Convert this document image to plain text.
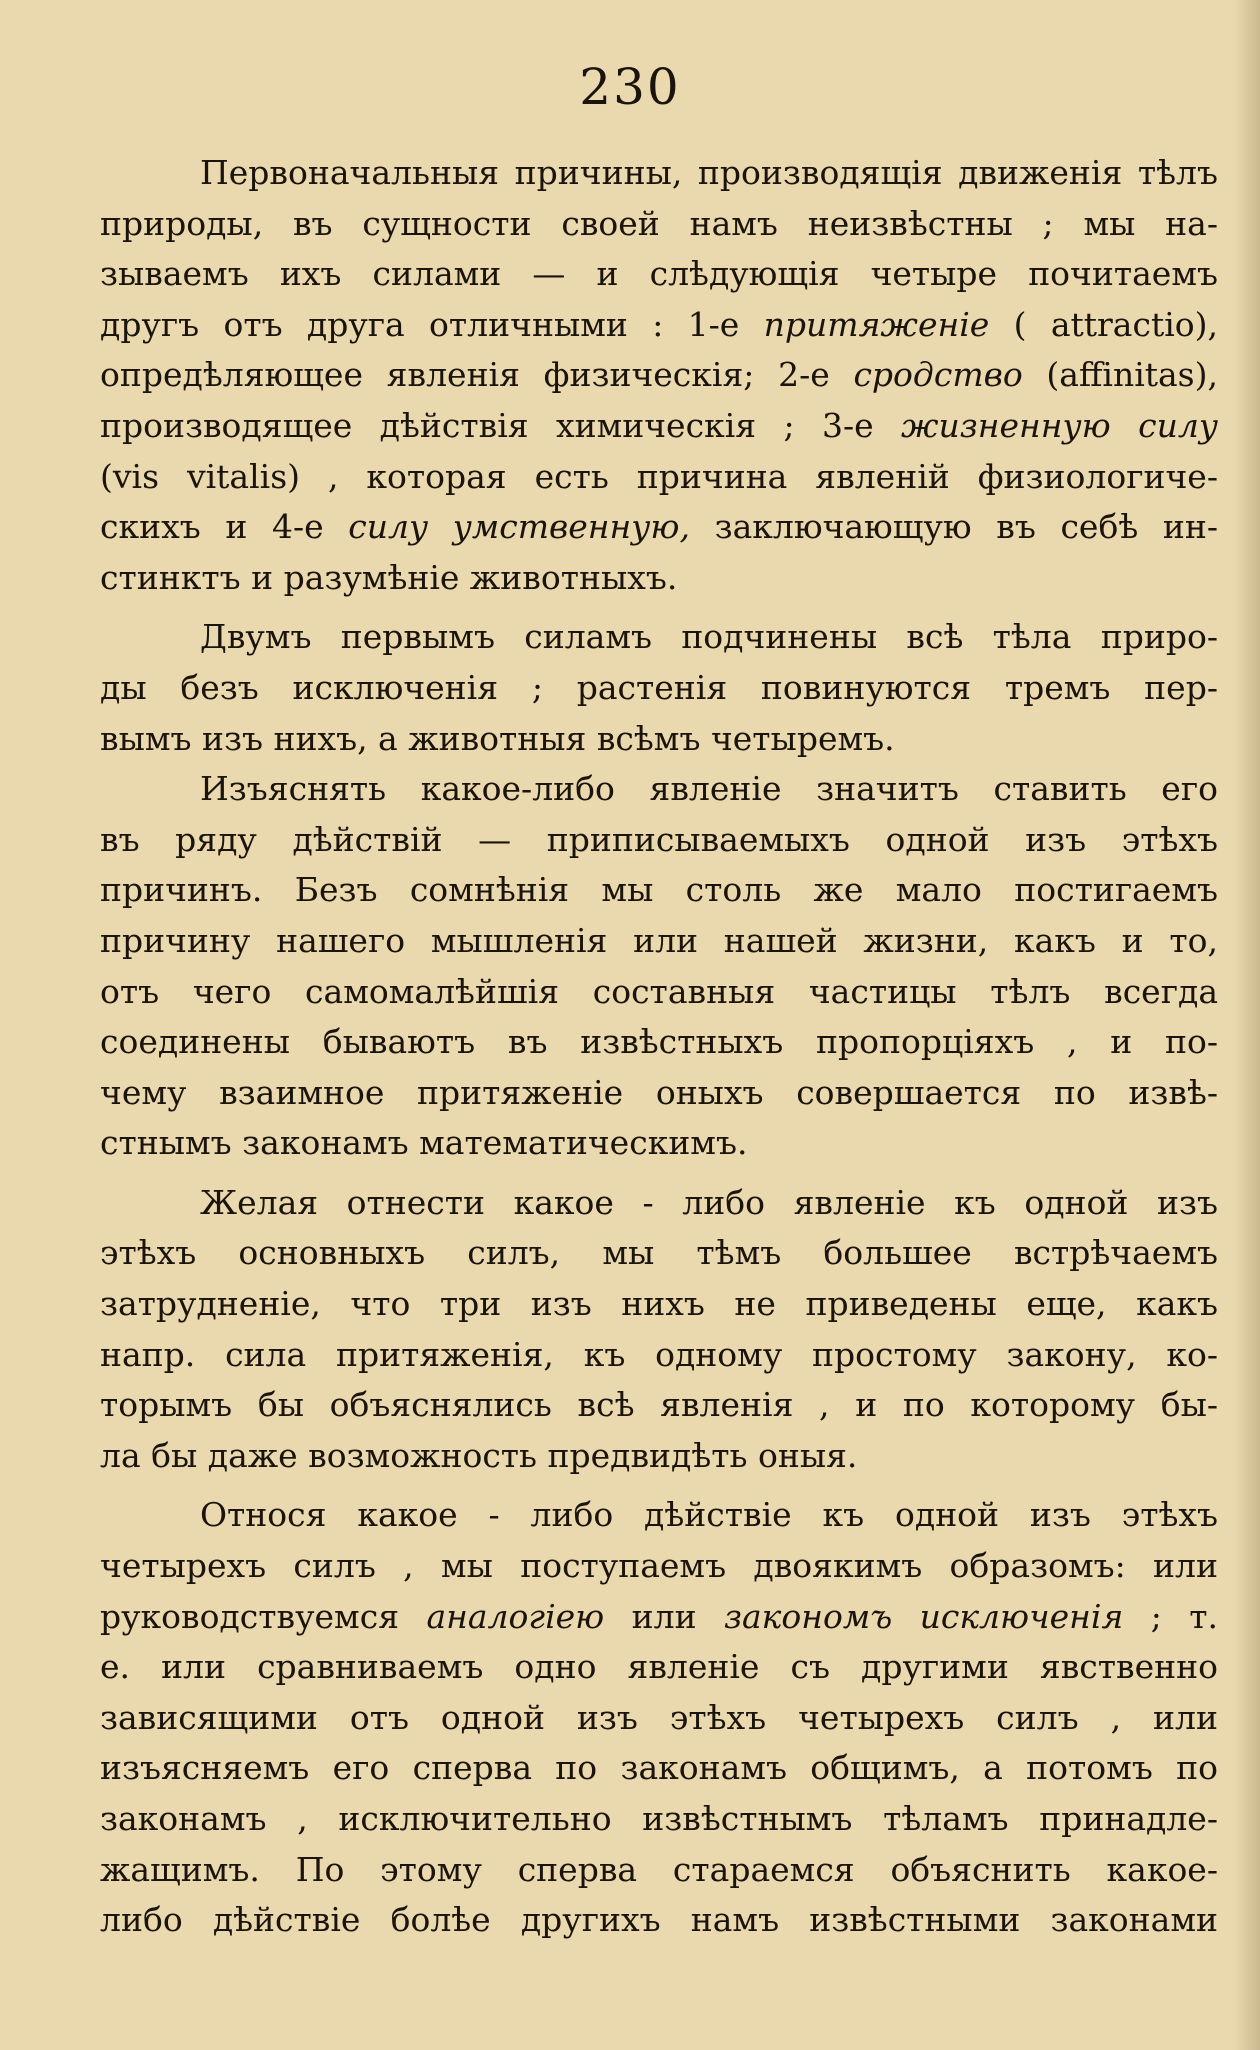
230
Первоначальныя причины, производящія движенія тѣлъ
природы, въ сущности своей намъ неизвѣстны ; мы на-
зываемъ ихъ силами — и слѣдующія четыре почитаемъ
другъ отъ друга отличными : 1-е притяженіе ( attractio),
опредѣляющее явленія физическія; 2-е сродство (affinitas),
производящее дѣйствія химическія ; 3-е жизненную силу
(vis vitalis) , которая есть причина явленій физиологиче-
скихъ и 4-е силу умственную, заключающую въ себѣ ин-
стинктъ и разумѣніе животныхъ.
Двумъ первымъ силамъ подчинены всѣ тѣла приро-
ды безъ исключенія ; растенія повинуются тремъ пер-
вымъ изъ нихъ, а животныя всѣмъ четыремъ.
Изъяснять какое-либо явленіе значитъ ставить его
въ ряду дѣйствій — приписываемыхъ одной изъ этѣхъ
причинъ. Безъ сомнѣнія мы столь же мало постигаемъ
причину нашего мышленія или нашей жизни, какъ и то,
отъ чего самомалѣйшія составныя частицы тѣлъ всегда
соединены бываютъ въ извѣстныхъ пропорціяхъ , и по-
чему взаимное притяженіе оныхъ совершается по извѣ-
стнымъ законамъ математическимъ.
Желая отнести какое - либо явленіе къ одной изъ
этѣхъ основныхъ силъ, мы тѣмъ большее встрѣчаемъ
затрудненіе, что три изъ нихъ не приведены еще, какъ
напр. сила притяженія, къ одному простому закону, ко-
торымъ бы объяснялись всѣ явленія , и по которому бы-
ла бы даже возможность предвидѣть оныя.
Относя какое - либо дѣйствіе къ одной изъ этѣхъ
четырехъ силъ , мы поступаемъ двоякимъ образомъ: или
руководствуемся аналогіею или закономъ исключенія ; т.
е. или сравниваемъ одно явленіе съ другими явственно
зависящими отъ одной изъ этѣхъ четырехъ силъ , или
изъясняемъ его сперва по законамъ общимъ, а потомъ по
законамъ , исключительно извѣстнымъ тѣламъ принадле-
жащимъ. По этому сперва стараемся объяснить какое-
либо дѣйствіе болѣе другихъ намъ извѣстными законами
